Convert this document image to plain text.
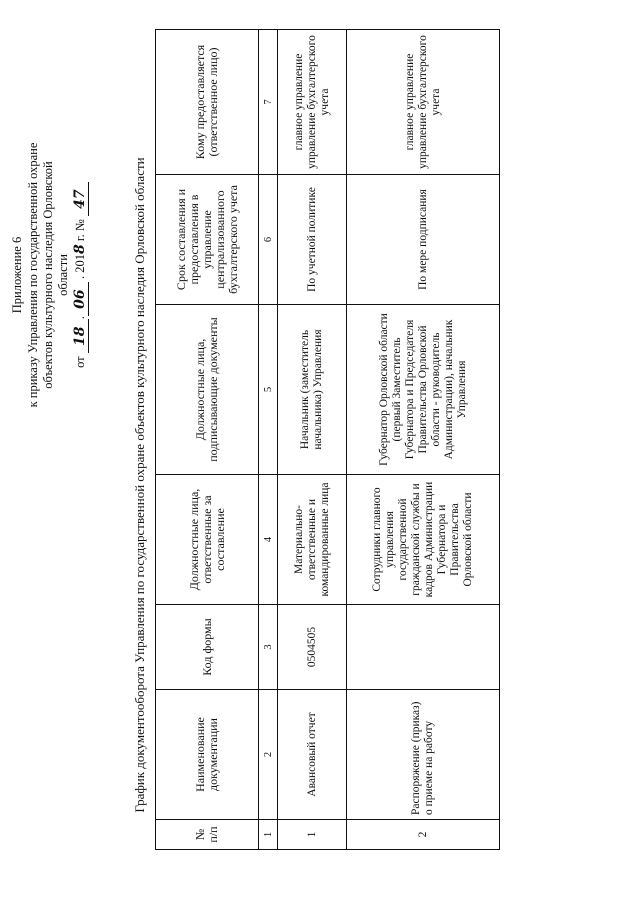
Приложение 6 к приказу Управления по государственной охране объектов культурного наследия Орловской области
от 18.06 . 2018 г. № 47	График документооборота Управления по государственной охране объектов культурного наследия Орловской области
№ п/п	Наименование документации	Код формы	Должностные лица, ответственные за составление	Должностные лица, подписывающие документы	Срок составления и предоставления в управление централизованного бухгалтерского учета	Кому предоставляется (ответственное лицо)
1	2	3	4	5	6	7
1	Авансовый отчет	0504505	Материально-ответственные и командированные лица	Начальник (заместитель начальника) Управления	По учетной политике	главное управление управление бухгалтерского учета
2	Распоряжение (приказ) о приеме на работу		Сотрудники главного управления государственной гражданской службы и кадров Администрации Губернатора и Правительства Орловской области	Губернатор Орловской области (первый Заместитель Губернатора и Председателя Правительства Орловской области - руководитель Администрации), начальник Управления	По мере подписания	главное управление управление бухгалтерского учета
